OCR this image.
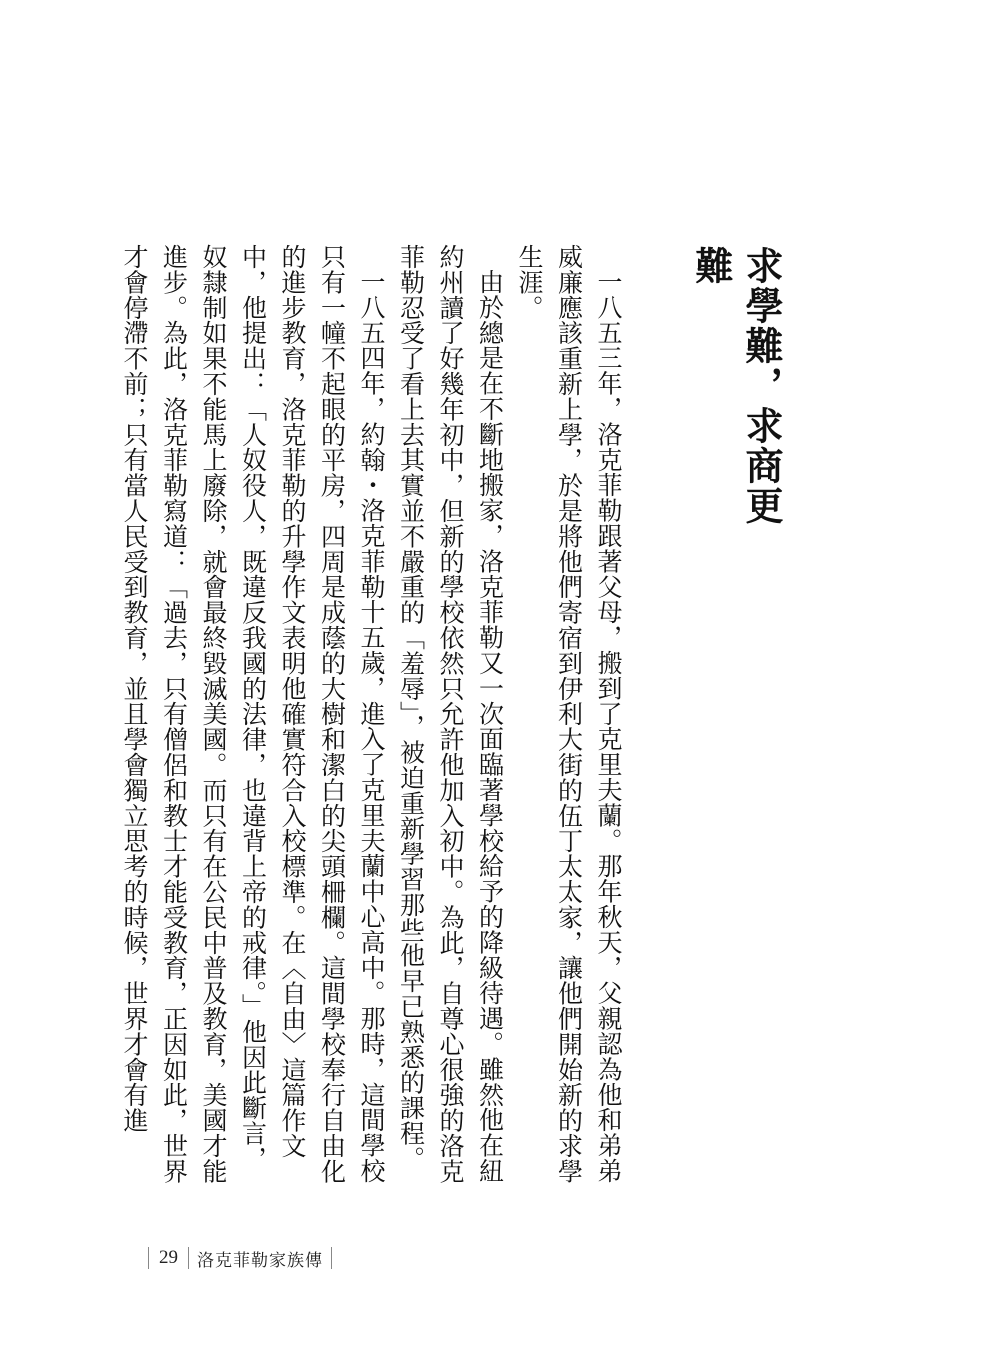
求學難，求商更難

一八五三年，洛克菲勒跟著父母，搬到了克里夫蘭。那年秋天，父親認為他和弟弟威廉應該重新上學，於是將他們寄宿到伊利大街的伍丁太太家，讓他們開始新的求學生涯。

由於總是在不斷地搬家，洛克菲勒又一次面臨著學校給予的降級待遇。雖然他在紐約州讀了好幾年初中，但新的學校依然只允許他加入初中。為此，自尊心很強的洛克菲勒忍受了看上去其實並不嚴重的「羞辱」，被迫重新學習那些他早已熟悉的課程。

一八五四年，約翰・洛克菲勒十五歲，進入了克里夫蘭中心高中。那時，這間學校只有一幢不起眼的平房，四周是成蔭的大樹和潔白的尖頭柵欄。這間學校奉行自由化的進步教育，洛克菲勒的升學作文表明他確實符合入校標準。在〈自由〉這篇作文中，他提出：「人奴役人，既違反我國的法律，也違背上帝的戒律。」他因此斷言，奴隸制如果不能馬上廢除，就會最終毀滅美國。而只有在公民中普及教育，美國才能進步。為此，洛克菲勒寫道：「過去，只有僧侶和教士才能受教育，正因如此，世界才會停滯不前；只有當人民受到教育，並且學會獨立思考的時候，世界才會有進

29	洛克菲勒家族傳
